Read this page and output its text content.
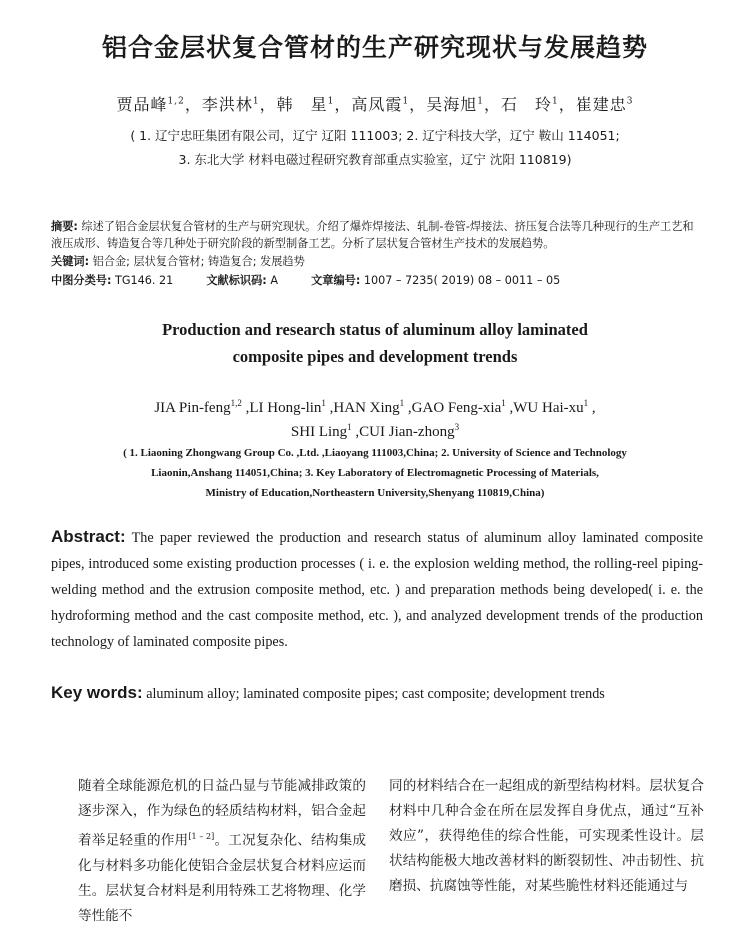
铝合金层状复合管材的生产研究现状与发展趋势
贾品峰$^{1,2}$，李洪林$^1$，韩　星$^1$，高凤霞$^1$，吴海旭$^1$，石　玲$^1$，崔建忠$^3$
( 1. 辽宁忠旺集团有限公司，辽宁 辽阳 111003; 2. 辽宁科技大学，辽宁 鞍山 114051;
3. 东北大学 材料电磁过程研究教育部重点实验室，辽宁 沈阳 110819)
摘要: 综述了铝合金层状复合管材的生产与研究现状。介绍了爆炸焊接法、轧制-卷管-焊接法、挤压复合法等几种现行的生产工艺和液压成形、铸造复合等几种处于研究阶段的新型制备工艺。分析了层状复合管材生产技术的发展趋势。
关键词: 铝合金; 层状复合管材; 铸造复合; 发展趋势
中图分类号: TG146. 21	文献标识码: A	文章编号: 1007 – 7235( 2019) 08 – 0011 – 05
Production and research status of aluminum alloy laminated
composite pipes and development trends
JIA Pin-feng$^{1,2}$ ,LI Hong-lin$^1$ ,HAN Xing$^1$ ,GAO Feng-xia$^1$ ,WU Hai-$xu^1$ ,
SHI Ling$^1$ ,CUI Jian-zhong$^3$
( 1. Liaoning Zhongwang Group Co. ,Ltd. ,Liaoyang 111003,China; 2. University of Science and Technology
Liaonin,Anshang 114051,China; 3. Key Laboratory of Electromagnetic Processing of Materials,
Ministry of Education,Northeastern University,Shenyang 110819,China)
Abstract: The paper reviewed the production and research status of aluminum alloy laminated composite pipes, introduced some existing production processes ( i. e. the explosion welding method, the rolling-reel piping-welding method and the extrusion composite method, etc. ) and preparation methods being developed( i. e. the hydroforming method and the cast composite method, etc. ), and analyzed development trends of the production technology of laminated composite pipes.
Key words: aluminum alloy; laminated composite pipes; cast composite; development trends
随着全球能源危机的日益凸显与节能减排政策的逐步深入，作为绿色的轻质结构材料，铝合金起着举足轻重的作用[1 – 2]。工况复杂化、结构集成化与材料多功能化使铝合金层状复合材料应运而生。层状复合材料是利用特殊工艺将物理、化学等性能不
同的材料结合在一起组成的新型结构材料。层状复合材料中几种合金在所在层发挥自身优点，通过“互补效应”，获得绝佳的综合性能，可实现柔性设计。层状结构能极大地改善材料的断裂韧性、冲击韧性、抗磨损、抗腐蚀等性能，对某些脆性材料还能通过与
